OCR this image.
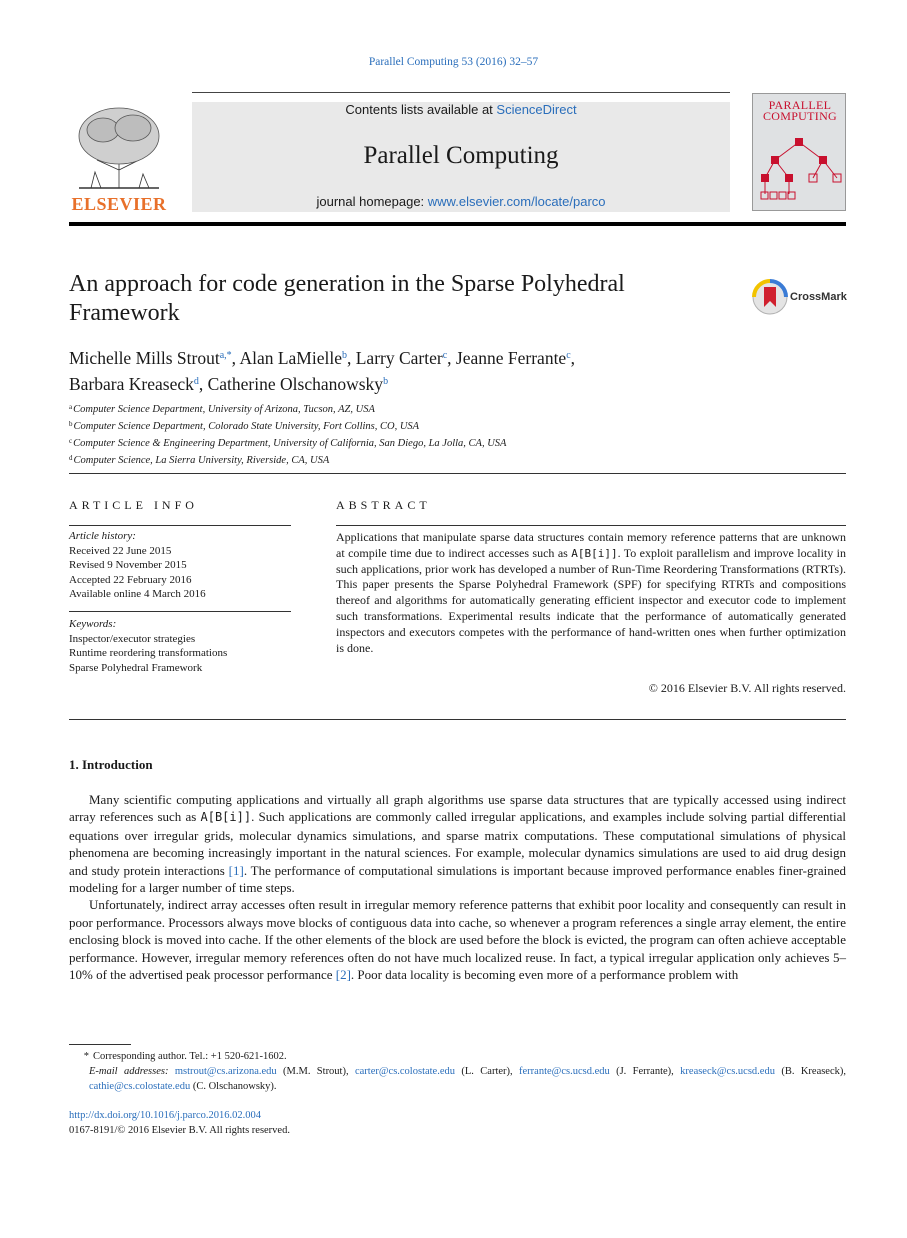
Parallel Computing 53 (2016) 32–57
ELSEVIER
Contents lists available at ScienceDirect
Parallel Computing
journal homepage: www.elsevier.com/locate/parco
PARALLEL COMPUTING
An approach for code generation in the Sparse Polyhedral Framework
CrossMark
Michelle Mills Strout$^{a,*}$, Alan LaMielle$^b$, Larry Carter$^c$, Jeanne Ferrante$^c$,
Barbara Kreaseck$^d$, Catherine Olschanowsky$^b$
$^a$Computer Science Department, University of Arizona, Tucson, AZ, USA
$^b$Computer Science Department, Colorado State University, Fort Collins, CO, USA
$^c$Computer Science & Engineering Department, University of California, San Diego, La Jolla, CA, USA
$^d$Computer Science, La Sierra University, Riverside, CA, USA
ARTICLE INFO	ABSTRACT
Article history:
Received 22 June 2015
Revised 9 November 2015
Accepted 22 February 2016
Available online 4 March 2016
Keywords:
Inspector/executor strategies
Runtime reordering transformations
Sparse Polyhedral Framework
Applications that manipulate sparse data structures contain memory reference patterns that are unknown at compile time due to indirect accesses such as A[B[i]]. To exploit parallelism and improve locality in such applications, prior work has developed a number of Run-Time Reordering Transformations (RTRTs). This paper presents the Sparse Polyhedral Framework (SPF) for specifying RTRTs and compositions thereof and algorithms for automatically generating efficient inspector and executor code to implement such transformations. Experimental results indicate that the performance of automatically generated inspectors and executors competes with the performance of hand-written ones when further optimization is done.
© 2016 Elsevier B.V. All rights reserved.
1. Introduction

Many scientific computing applications and virtually all graph algorithms use sparse data structures that are typically accessed using indirect array references such as A[B[i]]. Such applications are commonly called irregular applications, and examples include solving partial differential equations over irregular grids, molecular dynamics simulations, and sparse matrix computations. These computational simulations of physical phenomena are becoming increasingly important in the natural sciences. For example, molecular dynamics simulations are used to aid drug design and study protein interactions [1]. The performance of computational simulations is important because improved performance enables finer-grained modeling for a larger number of time steps.

Unfortunately, indirect array accesses often result in irregular memory reference patterns that exhibit poor locality and consequently can result in poor performance. Processors always move blocks of contiguous data into cache, so whenever a program references a single array element, the entire enclosing block is moved into cache. If the other elements of the block are used before the block is evicted, the program can often achieve acceptable performance. However, irregular memory references often do not have much localized reuse. In fact, a typical irregular application only achieves 5–10% of the advertised peak processor performance [2]. Poor data locality is becoming even more of a performance problem with

* Corresponding author. Tel.: +1 520-621-1602.
E-mail addresses: mstrout@cs.arizona.edu (M.M. Strout), carter@cs.colostate.edu (L. Carter), ferrante@cs.ucsd.edu (J. Ferrante), kreaseck@cs.ucsd.edu (B. Kreaseck), cathie@cs.colostate.edu (C. Olschanowsky).
http://dx.doi.org/10.1016/j.parco.2016.02.004
0167-8191/© 2016 Elsevier B.V. All rights reserved.
